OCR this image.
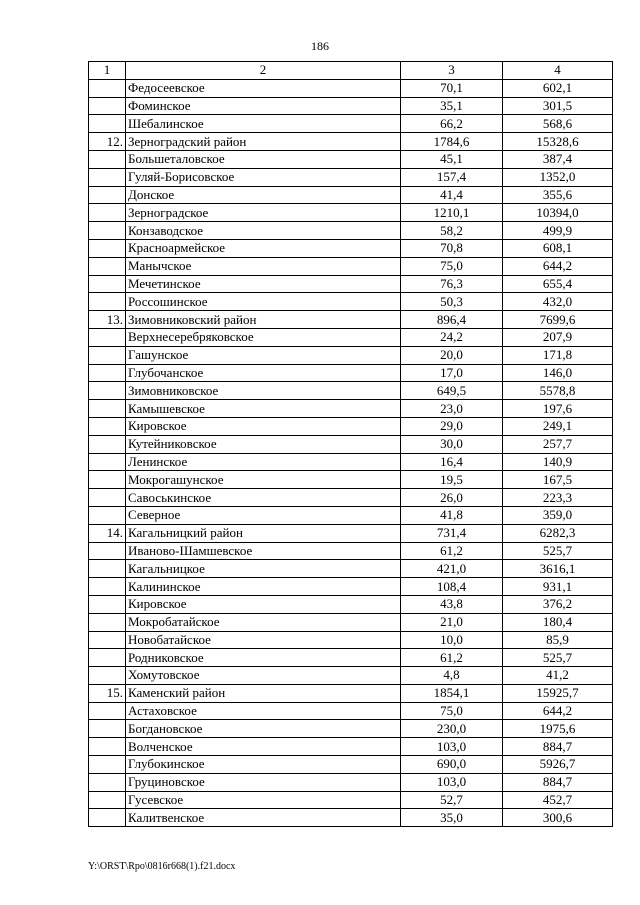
186
1	2	3	4
	Федосеевское	70,1	602,1
	Фоминское	35,1	301,5
	Шебалинское	66,2	568,6
12.	Зерноградский район	1784,6	15328,6
	Большеталовское	45,1	387,4
	Гуляй-Борисовское	157,4	1352,0
	Донское	41,4	355,6
	Зерноградское	1210,1	10394,0
	Конзаводское	58,2	499,9
	Красноармейское	70,8	608,1
	Манычское	75,0	644,2
	Мечетинское	76,3	655,4
	Россошинское	50,3	432,0
13.	Зимовниковский район	896,4	7699,6
	Верхнесеребряковское	24,2	207,9
	Гашунское	20,0	171,8
	Глубочанское	17,0	146,0
	Зимовниковское	649,5	5578,8
	Камышевское	23,0	197,6
	Кировское	29,0	249,1
	Кутейниковское	30,0	257,7
	Ленинское	16,4	140,9
	Мокрогашунское	19,5	167,5
	Савоськинское	26,0	223,3
	Северное	41,8	359,0
14.	Кагальницкий район	731,4	6282,3
	Иваново-Шамшевское	61,2	525,7
	Кагальницкое	421,0	3616,1
	Калининское	108,4	931,1
	Кировское	43,8	376,2
	Мокробатайское	21,0	180,4
	Новобатайское	10,0	85,9
	Родниковское	61,2	525,7
	Хомутовское	4,8	41,2
15.	Каменский район	1854,1	15925,7
	Астаховское	75,0	644,2
	Богдановское	230,0	1975,6
	Волченское	103,0	884,7
	Глубокинское	690,0	5926,7
	Груциновское	103,0	884,7
	Гусевское	52,7	452,7
	Калитвенское	35,0	300,6
Y:\ORST\Rpo\0816r668(1).f21.docx
